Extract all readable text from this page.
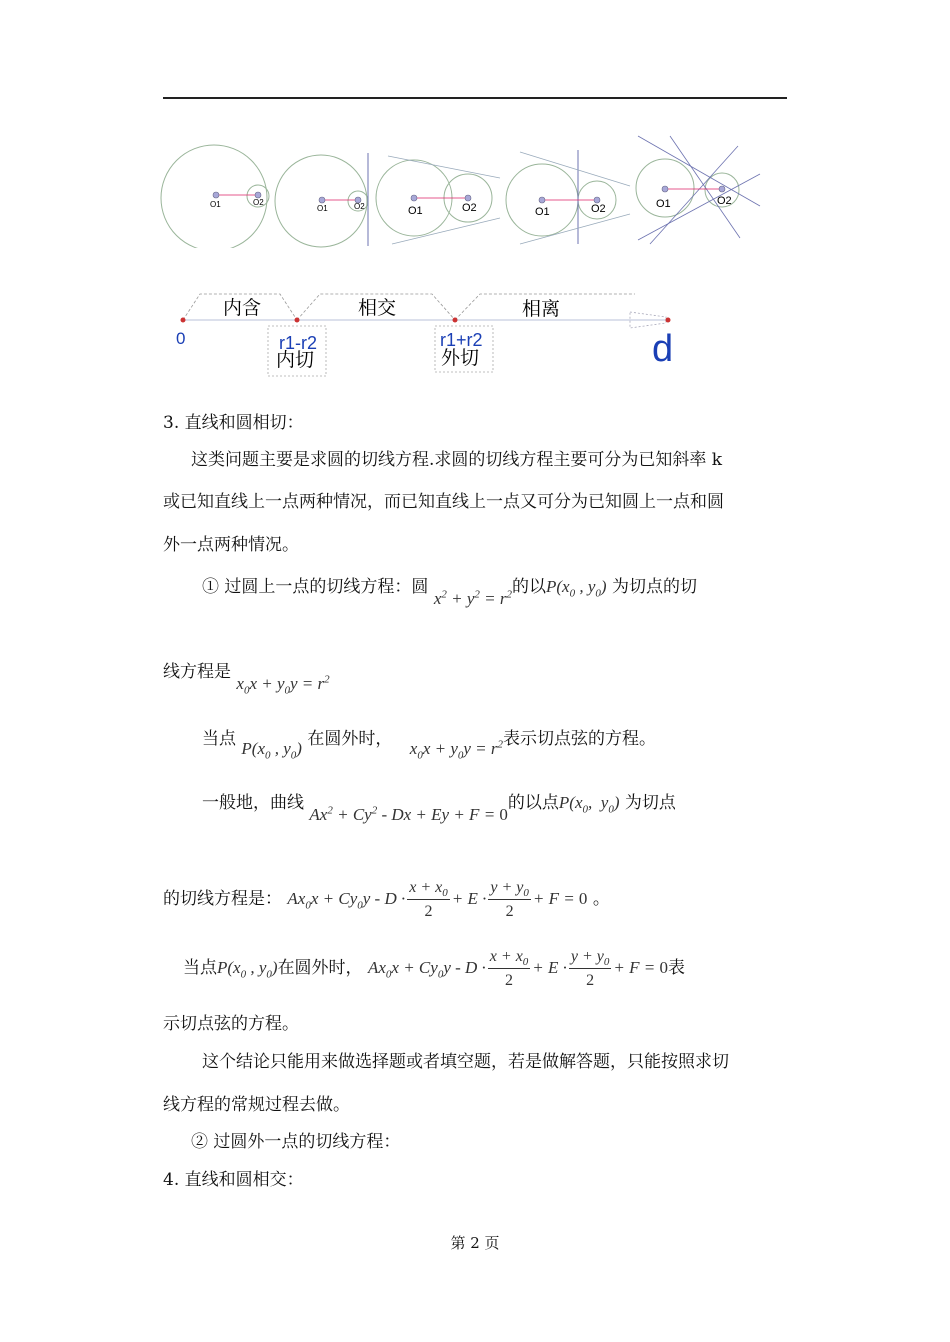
O1	O2
O1	O2	O1	O2	O1	O2	O1	O2
内含	相交	相离
0	r1-r2	r1+r2	d
内切	外切
3. 直线和圆相切：
这类问题主要是求圆的切线方程.求圆的切线方程主要可分为已知斜率 k
或已知直线上一点两种情况，而已知直线上一点又可分为已知圆上一点和圆
外一点两种情况。
① 过圆上一点的切线方程：圆 $x^2 + y^2 = r^2$的以$P(x_0$ , $y_0$) 为切点的切
线方程是 $x_0x + y_0y = r^2$
当点 $P(x_0$ , $y_0$) 在圆外时， $x_0x + y_0y = r^2$表示切点弦的方程。
一般地，曲线 $Ax^2 + Cy^2 - Dx + Ey + F = 0$的以点$P(x_0$,  $y_0$) 为切点
的切线方程是： $Ax_0x + Cy_0y - D \cdot \frac{x + x_0}{2} + E \cdot \frac{y + y_0}{2} + F = 0$ 。
当点$P(x_0$ , $y_0$)在圆外时， $Ax_0x + Cy_0y - D \cdot \frac{x + x_0}{2} + E \cdot \frac{y + y_0}{2} + F = 0$表
示切点弦的方程。
这个结论只能用来做选择题或者填空题，若是做解答题，只能按照求切
线方程的常规过程去做。
② 过圆外一点的切线方程：
4. 直线和圆相交：
第 2 页
